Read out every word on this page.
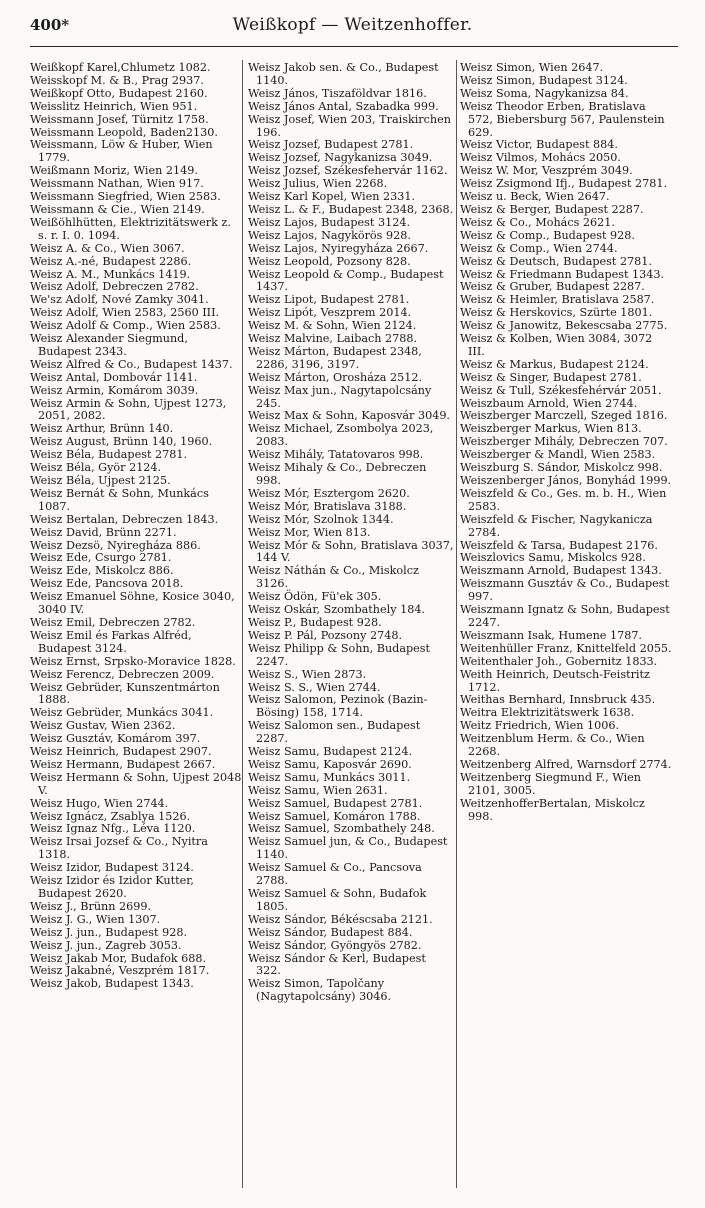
400*	Weißkopf — Weitzenhoffer.

Weißkopf Karel,Chlumetz 1082.

Weisskopf M. & B., Prag 2937.

Weißkopf Otto, Budapest 2160.

Weisslitz Heinrich, Wien 951.

Weissmann Josef, Türnitz 1758.

Weissmann Leopold, Baden2130.

Weissmann, Löw & Huber, Wien 1779.

Weißmann Moriz, Wien 2149.

Weissmann Nathan, Wien 917.

Weissmann Siegfried, Wien 2583.

Weissmann & Cie., Wien 2149.

Weißöhlhütten, Elektrizitätswerk z. s. r. I. 0. 1094.

Weisz A. & Co., Wien 3067.

Weisz A.-né, Budapest 2286.

Weisz A. M., Munkács 1419.

Weisz Adolf, Debreczen 2782.

We'sz Adolf, Nové Zamky 3041.

Weisz Adolf, Wien 2583, 2560 III.

Weisz Adolf & Comp., Wien 2583.

Weisz Alexander Siegmund, Budapest 2343.

Weisz Alfred & Co., Budapest 1437.

Weisz Antal, Dombovár 1141.

Weisz Armin, Komárom 3039.

Weisz Armin & Sohn, Ujpest 1273, 2051, 2082.

Weisz Arthur, Brünn 140.

Weisz August, Brünn 140, 1960.

Weisz Béla, Budapest 2781.

Weisz Béla, Györ 2124.

Weisz Béla, Ujpest 2125.

Weisz Bernát & Sohn, Munkács 1087.

Weisz Bertalan, Debreczen 1843.

Weisz David, Brünn 2271.

Weisz Dezsö, Nyiregháza 886.

Weisz Ede, Csurgo 2781.

Weisz Ede, Miskolcz 886.

Weisz Ede, Pancsova 2018.

Weisz Emanuel Söhne, Kosice 3040, 3040 IV.

Weisz Emil, Debreczen 2782.

Weisz Emil és Farkas Alfréd, Budapest 3124.

Weisz Ernst, Srpsko-Moravice 1828.

Weisz Ferencz, Debreczen 2009.

Weisz Gebrüder, Kunszentmárton 1888.

Weisz Gebrüder, Munkács 3041.

Weisz Gustav, Wien 2362.

Weisz Gusztáv, Komárom 397.

Weisz Heinrich, Budapest 2907.

Weisz Hermann, Budapest 2667.

Weisz Hermann & Sohn, Ujpest 2048 V.

Weisz Hugo, Wien 2744.

Weisz Ignácz, Zsablya 1526.

Weisz Ignaz Nfg., Léva 1120.

Weisz Irsai Jozsef & Co., Nyitra 1318.

Weisz Izidor, Budapest 3124.

Weisz Izidor és Izidor Kutter, Budapest 2620.

Weisz J., Brünn 2699.

Weisz J. G., Wien 1307.

Weisz J. jun., Budapest 928.

Weisz J. jun., Zagreb 3053.

Weisz Jakab Mor, Budafok 688.

Weisz Jakabné, Veszprém 1817.

Weisz Jakob, Budapest 1343.

Weisz Jakob sen. & Co., Budapest 1140.

Weisz János, Tiszaföldvar 1816.

Weisz János Antal, Szabadka 999.

Weisz Josef, Wien 203, Traiskirchen 196.

Weisz Jozsef, Budapest 2781.

Weisz Jozsef, Nagykanizsa 3049.

Weisz Jozsef, Székesfehervár 1162.

Weisz Julius, Wien 2268.

Weisz Karl Kopel, Wien 2331.

Weisz L. & F., Budapest 2348, 2368.

Weisz Lajos, Budapest 3124.

Weisz Lajos, Nagykörös 928.

Weisz Lajos, Nyiregyháza 2667.

Weisz Leopold, Pozsony 828.

Weisz Leopold & Comp., Budapest 1437.

Weisz Lipot, Budapest 2781.

Weisz Lipót, Veszprem 2014.

Weisz M. & Sohn, Wien 2124.

Weisz Malvine, Laibach 2788.

Weisz Márton, Budapest 2348, 2286, 3196, 3197.

Weisz Márton, Orosháza 2512.

Weisz Max jun., Nagytapolcsány 245.

Weisz Max & Sohn, Kaposvár 3049.

Weisz Michael, Zsombolya 2023, 2083.

Weisz Mihály, Tatatovaros 998.

Weisz Mihaly & Co., Debreczen 998.

Weisz Mór, Esztergom 2620.

Weisz Mór, Bratislava 3188.

Weisz Mór, Szolnok 1344.

Weisz Mor, Wien 813.

Weisz Mór & Sohn, Bratislava 3037, 144 V.

Weisz Náthán & Co., Miskolcz 3126.

Weisz Ödön, Fü'ek 305.

Weisz Oskár, Szombathely 184.

Weisz P., Budapest 928.

Weisz P. Pál, Pozsony 2748.

Weisz Philipp & Sohn, Budapest 2247.

Weisz S., Wien 2873.

Weisz S. S., Wien 2744.

Weisz Salomon, Pezinok (Bazin-Bösing) 158, 1714.

Weisz Salomon sen., Budapest 2287.

Weisz Samu, Budapest 2124.

Weisz Samu, Kaposvár 2690.

Weisz Samu, Munkács 3011.

Weisz Samu, Wien 2631.

Weisz Samuel, Budapest 2781.

Weisz Samuel, Komáron 1788.

Weisz Samuel, Szombathely 248.

Weisz Samuel jun, & Co., Budapest 1140.

Weisz Samuel & Co., Pancsova 2788.

Weisz Samuel & Sohn, Budafok 1805.

Weisz Sándor, Békéscsaba 2121.

Weisz Sándor, Budapest 884.

Weisz Sándor, Gyöngyös 2782.

Weisz Sándor & Kerl, Budapest 322.

Weisz Simon, Tapolčany (Nagytapolcsány) 3046.

Weisz Simon, Wien 2647.

Weisz Simon, Budapest 3124.

Weisz Soma, Nagykanizsa 84.

Weisz Theodor Erben, Bratislava 572, Biebersburg 567, Paulenstein 629.

Weisz Victor, Budapest 884.

Weisz Vilmos, Mohács 2050.

Weisz W. Mor, Veszprém 3049.

Weisz Zsigmond Ifj., Budapest 2781.

Weisz u. Beck, Wien 2647.

Weisz & Berger, Budapest 2287.

Weisz & Co., Mohács 2621.

Weisz & Comp., Budapest 928.

Weisz & Comp., Wien 2744.

Weisz & Deutsch, Budapest 2781.

Weisz & Friedmann Budapest 1343.

Weisz & Gruber, Budapest 2287.

Weisz & Heimler, Bratislava 2587.

Weisz & Herskovics, Szürte 1801.

Weisz & Janowitz, Bekescsaba 2775.

Weisz & Kolben, Wien 3084, 3072 III.

Weisz & Markus, Budapest 2124.

Weisz & Singer, Budapest 2781.

Weisz & Tull, Székesfehérvár 2051.

Weiszbaum Arnold, Wien 2744.

Weiszberger Marczell, Szeged 1816.

Weiszberger Markus, Wien 813.

Weiszberger Mihály, Debreczen 707.

Weiszberger & Mandl, Wien 2583.

Weiszburg S. Sándor, Miskolcz 998.

Weiszenberger János, Bonyhád 1999.

Weiszfeld & Co., Ges. m. b. H., Wien 2583.

Weiszfeld & Fischer, Nagykanicza 2784.

Weiszfeld & Tarsa, Budapest 2176.

Weiszlovics Samu, Miskolcs 928.

Weiszmann Arnold, Budapest 1343.

Weiszmann Gusztáv & Co., Budapest 997.

Weiszmann Ignatz & Sohn, Budapest 2247.

Weiszmann Isak, Humene 1787.

Weitenhüller Franz, Knittelfeld 2055.

Weitenthaler Joh., Gobernitz 1833.

Weith Heinrich, Deutsch-Feistritz 1712.

Weithas Bernhard, Innsbruck 435.

Weitra Elektrizitätswerk 1638.

Weitz Friedrich, Wien 1006.

Weitzenblum Herm. & Co., Wien 2268.

Weitzenberg Alfred, Warnsdorf 2774.

Weitzenberg Siegmund F., Wien 2101, 3005.

WeitzenhofferBertalan, Miskolcz 998.
